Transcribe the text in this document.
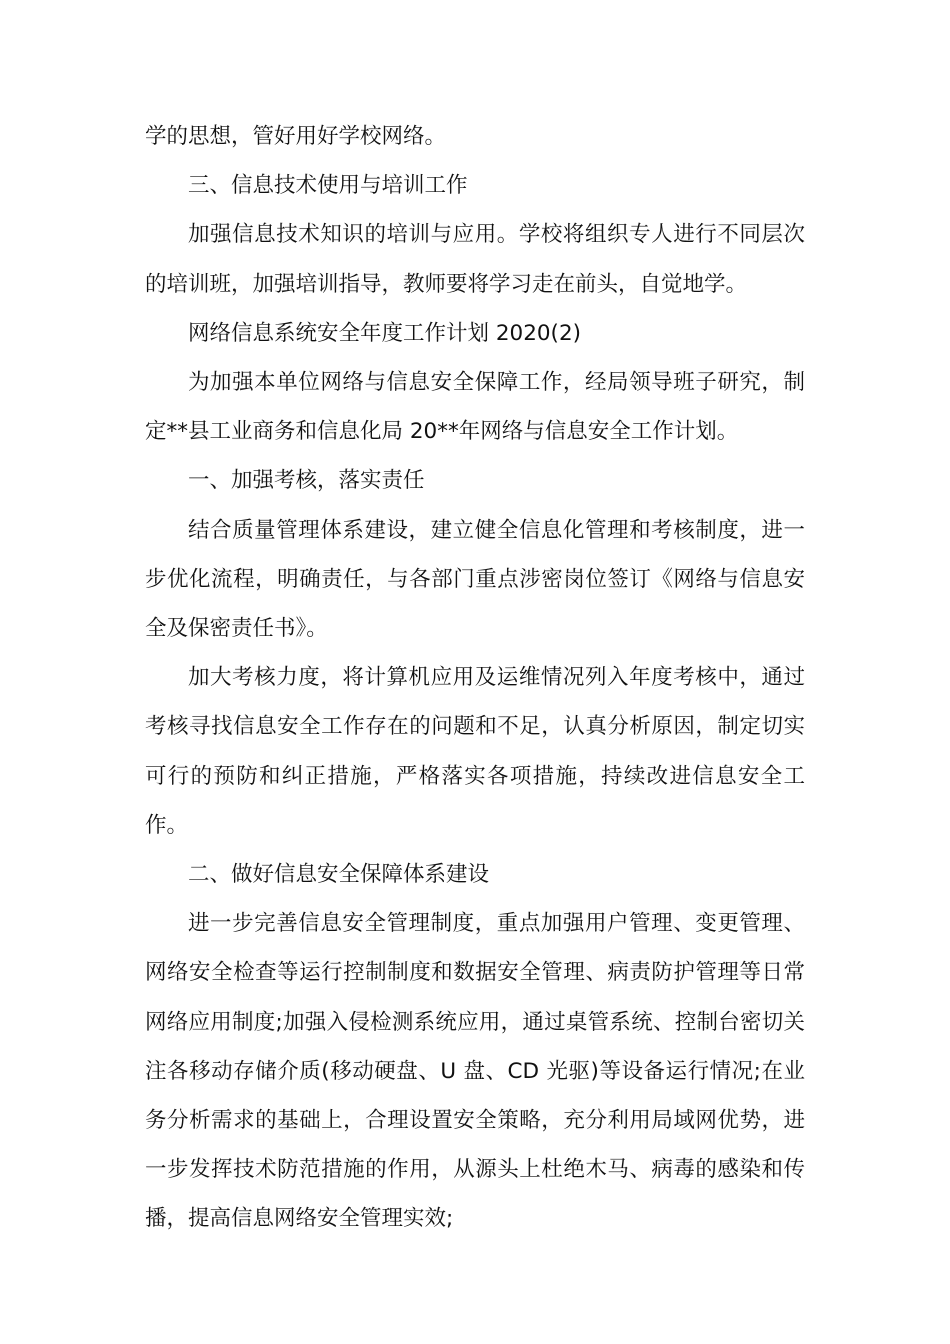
学的思想，管好用好学校网络。

三、信息技术使用与培训工作

加强信息技术知识的培训与应用。学校将组织专人进行不同层次的培训班，加强培训指导，教师要将学习走在前头，自觉地学。

网络信息系统安全年度工作计划 2020(2)

为加强本单位网络与信息安全保障工作，经局领导班子研究，制定**县工业商务和信息化局 20**年网络与信息安全工作计划。

一、加强考核，落实责任

结合质量管理体系建设，建立健全信息化管理和考核制度，进一步优化流程，明确责任，与各部门重点涉密岗位签订《网络与信息安全及保密责任书》。

加大考核力度，将计算机应用及运维情况列入年度考核中，通过考核寻找信息安全工作存在的问题和不足，认真分析原因，制定切实可行的预防和纠正措施，严格落实各项措施，持续改进信息安全工作。

二、做好信息安全保障体系建设

进一步完善信息安全管理制度，重点加强用户管理、变更管理、网络安全检查等运行控制制度和数据安全管理、病责防护管理等日常网络应用制度;加强入侵检测系统应用，通过桌管系统、控制台密切关注各移动存储介质(移动硬盘、U 盘、CD 光驱)等设备运行情况;在业务分析需求的基础上，合理设置安全策略，充分利用局域网优势，进一步发挥技术防范措施的作用，从源头上杜绝木马、病毒的感染和传播，提高信息网络安全管理实效;
